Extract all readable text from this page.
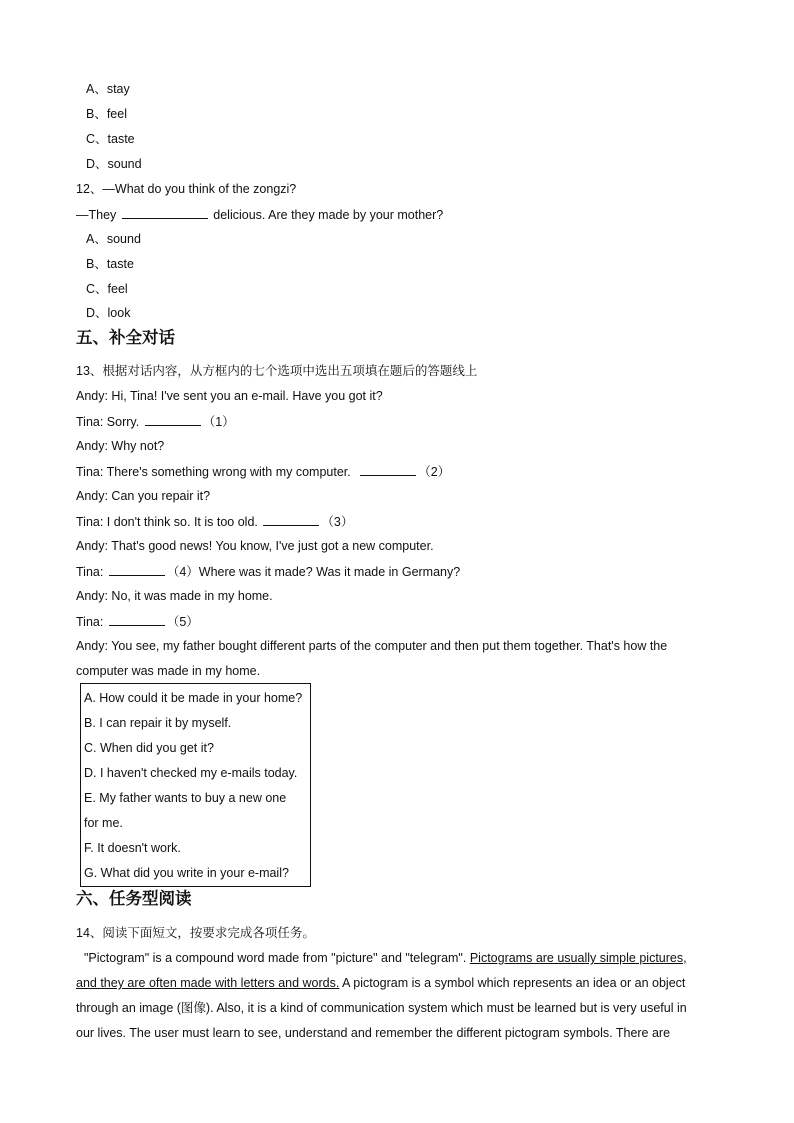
A、stay
B、feel
C、taste
D、sound
12、—What do you think of the zongzi?
—They	delicious. Are they made by your mother?
A、sound
B、taste
C、feel
D、look
五、补全对话
13、根据对话内容，从方框内的七个选项中选出五项填在题后的答题线上
Andy: Hi, Tina! I've sent you an e-mail. Have you got it?
Tina: Sorry.	（1）
Andy: Why not?
Tina: There's something wrong with my computer.	（2）
Andy: Can you repair it?
Tina: I don't think so. It is too old.	（3）
Andy: That's good news! You know, I've just got a new computer.
Tina:	（4）Where was it made? Was it made in Germany?
Andy: No, it was made in my home.
Tina:	（5）
Andy: You see, my father bought different parts of the computer and then put them together. That's how the
computer was made in my home.
A. How could it be made in your home?
B. I can repair it by myself.
C. When did you get it?
D. I haven't checked my e-mails today.
E. My father wants to buy a new one
for me.
F. It doesn't work.
G. What did you write in your e-mail?
六、任务型阅读
14、阅读下面短文，按要求完成各项任务。
"Pictogram" is a compound word made from "picture" and "telegram". Pictograms are usually simple pictures,
and they are often made with letters and words. A pictogram is a symbol which represents an idea or an object
through an image (图像). Also, it is a kind of communication system which must be learned but is very useful in
our lives. The user must learn to see, understand and remember the different pictogram symbols. There are
